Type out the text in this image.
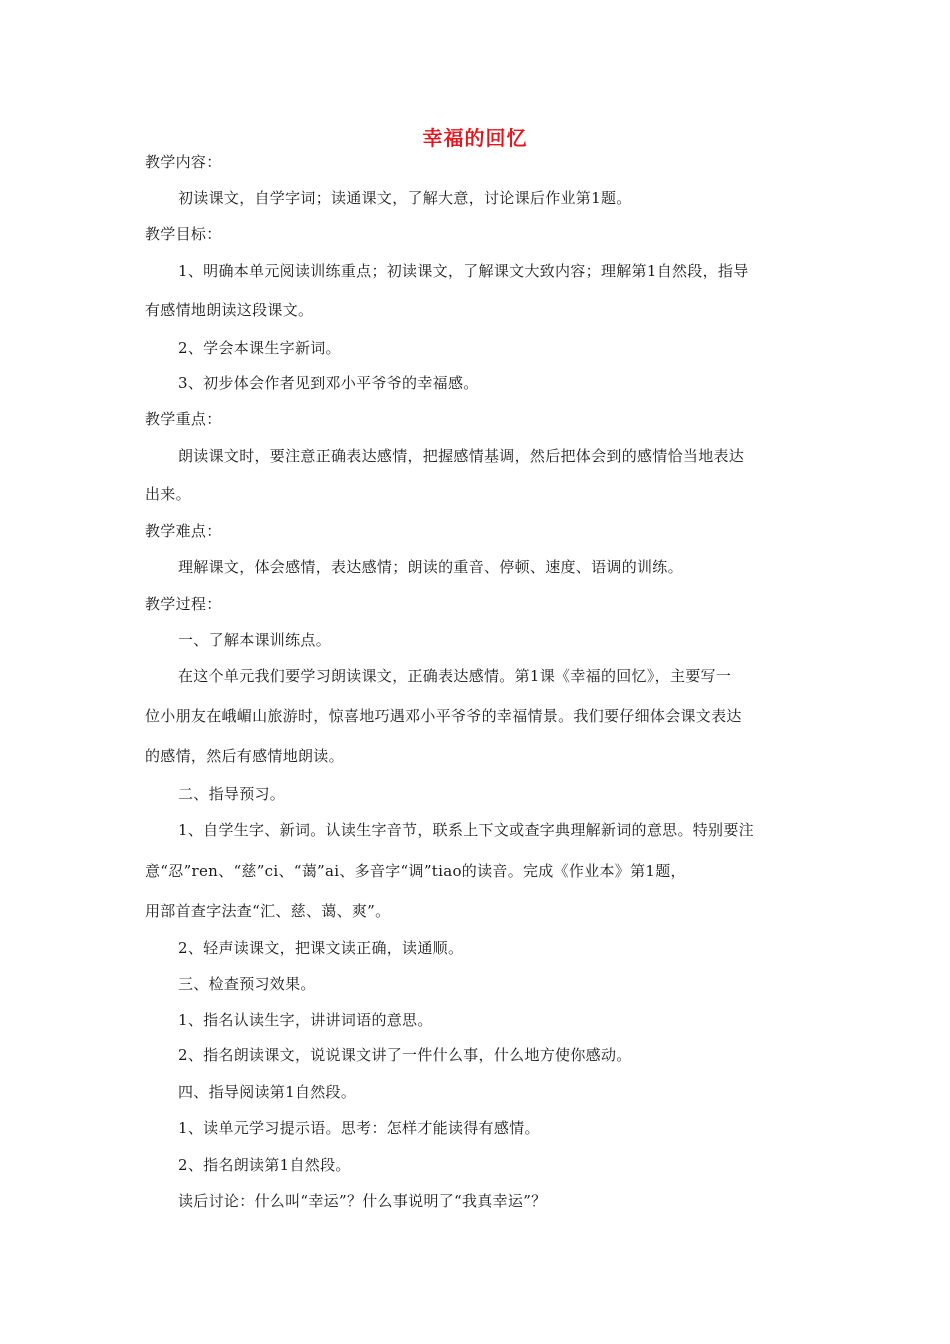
幸福的回忆
教学内容：
初读课文，自学字词；读通课文，了解大意，讨论课后作业第1题。
教学目标：
1、明确本单元阅读训练重点；初读课文，了解课文大致内容；理解第1自然段，指导
有感情地朗读这段课文。
2、学会本课生字新词。
3、初步体会作者见到邓小平爷爷的幸福感。
教学重点：
朗读课文时，要注意正确表达感情，把握感情基调，然后把体会到的感情恰当地表达
出来。
教学难点：
理解课文，体会感情，表达感情；朗读的重音、停顿、速度、语调的训练。
教学过程：
一、了解本课训练点。
在这个单元我们要学习朗读课文，正确表达感情。第1课《幸福的回忆》，主要写一
位小朋友在峨嵋山旅游时，惊喜地巧遇邓小平爷爷的幸福情景。我们要仔细体会课文表达
的感情，然后有感情地朗读。
二、指导预习。
1、自学生字、新词。认读生字音节，联系上下文或查字典理解新词的意思。特别要注
意“忍”ren、“慈”ci、“蔼”ai、多音字“调”tiao的读音。完成《作业本》第1题，
用部首查字法查“汇、慈、蔼、爽”。
2、轻声读课文，把课文读正确，读通顺。
三、检查预习效果。
1、指名认读生字，讲讲词语的意思。
2、指名朗读课文，说说课文讲了一件什么事，什么地方使你感动。
四、指导阅读第1自然段。
1、读单元学习提示语。思考：怎样才能读得有感情。
2、指名朗读第1自然段。
读后讨论：什么叫“幸运”？什么事说明了“我真幸运”？
